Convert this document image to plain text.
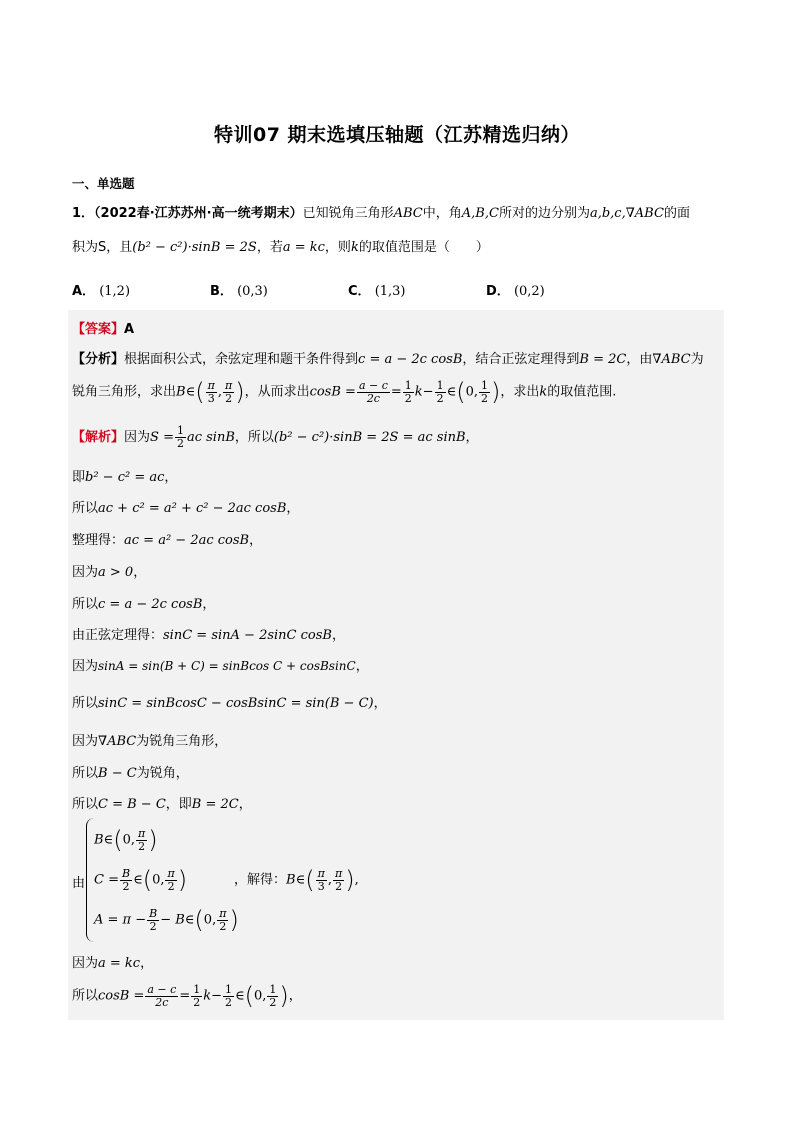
特训07 期末选填压轴题（江苏精选归纳）
一、单选题
1．（2022春·江苏苏州·高一统考期末）已知锐角三角形ABC中，角A,B,C所对的边分别为a,b,c,∇ABC的面
积为S，且(b² − c²)·sinB = 2S，若a = kc，则k的取值范围是（　　）
A． (1,2)	B． (0,3)	C． (1,3)	D． (0,2)
【答案】A
【分析】根据面积公式，余弦定理和题干条件得到c = a − 2c cosB，结合正弦定理得到B = 2C，由∇ABC为
锐角三角形，求出B∈( $\frac{\pi}{3}$ , $\frac{\pi}{2}$ )，从而求出$\cos B = \frac{a - c}{2c} = \frac{1}{2} k- \frac{1}{2}$ ∈(0, $\frac{1}{2}$ )，求出k的取值范围.
【解析】因为$S = \frac{1}{2}$ ac sinB，所以(b² − c²)·sinB = 2S = ac sinB，
即b² − c² = ac，
所以ac + c² = a² + c² − 2ac cosB，
整理得：ac = a² − 2ac cosB，
因为a > 0，
所以c = a − 2c cosB，
由正弦定理得：sinC = sinA − 2sinC cosB，
因为sinA = sin(B + C) = sinBcos C + cosBsinC，
所以sinC = sinBcosC − cosBsinC = sin(B − C)，
因为∇ABC为锐角三角形，
所以B − C为锐角，
所以C = B − C，即B = 2C，
由
B∈(0, $\frac{\pi}{2}$ )
$C = \frac{B}{2}$ ∈(0, $\frac{\pi}{2}$ )
$A = \pi - \frac{B}{2}$ − B∈(0, $\frac{\pi}{2}$ )
，解得：B∈( $\frac{\pi}{3}$ , $\frac{\pi}{2}$ ),
因为a = kc，
所以$\cos B = \frac{a - c}{2c} = \frac{1}{2} k- \frac{1}{2}$ ∈(0, $\frac{1}{2}$ )，
